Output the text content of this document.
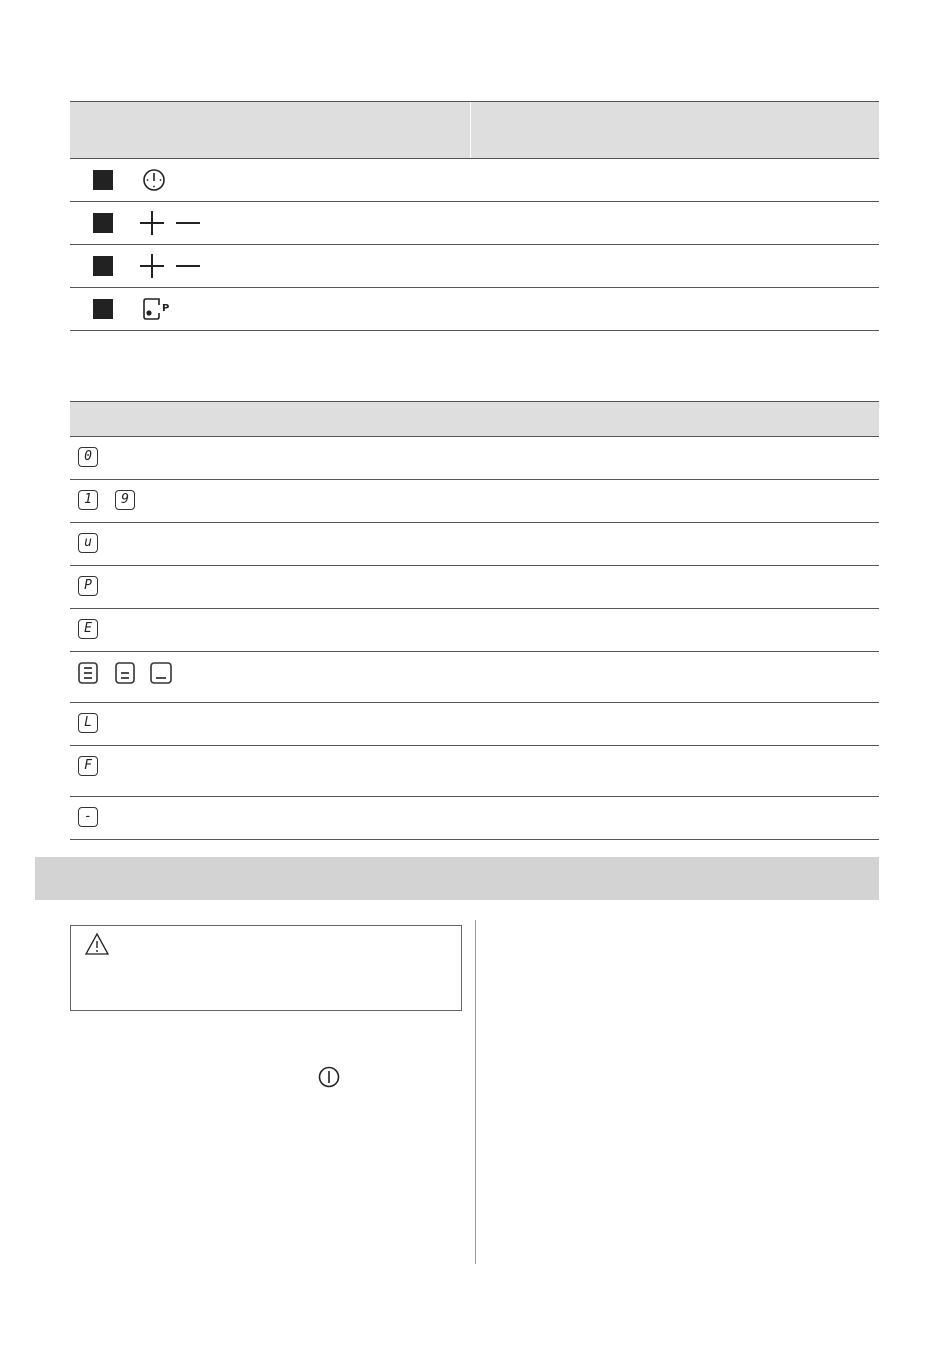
P
0
1	9
u
P
E
L
F
-
